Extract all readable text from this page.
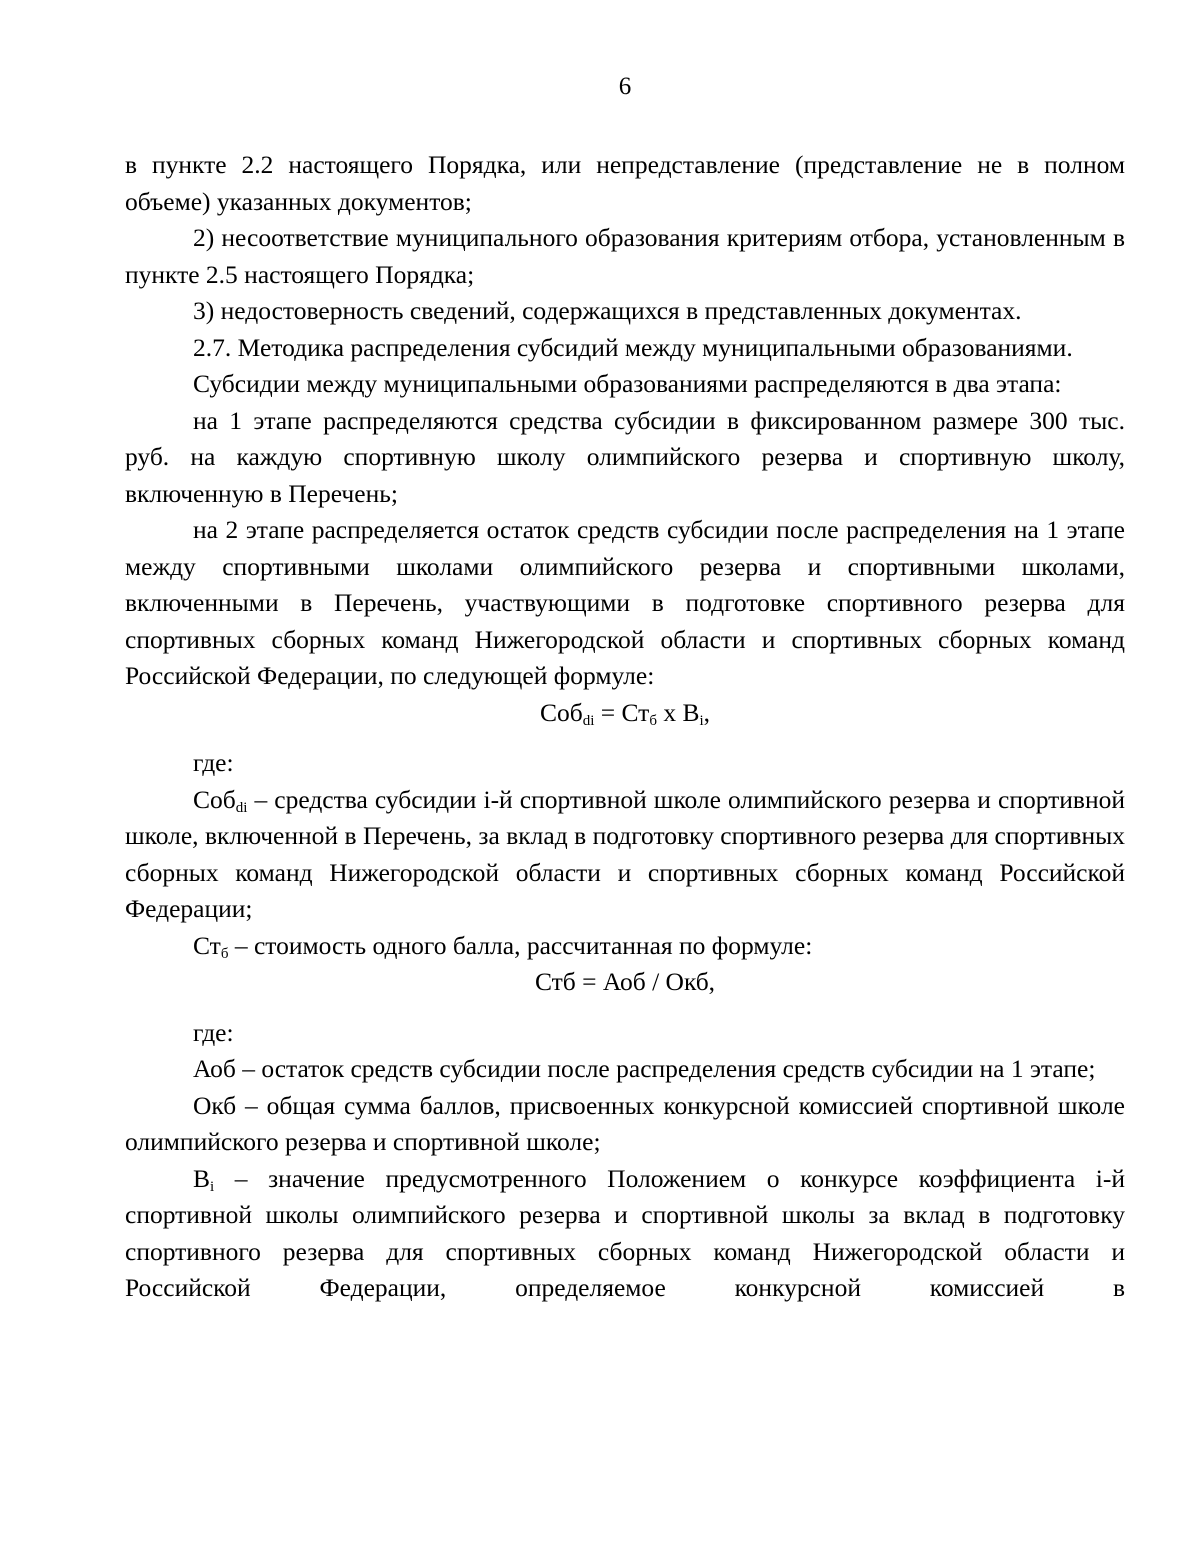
6

в пункте 2.2 настоящего Порядка, или непредставление (представление не в полном объеме) указанных документов;

2) несоответствие муниципального образования критериям отбора, установленным в пункте 2.5 настоящего Порядка;

3) недостоверность сведений, содержащихся в представленных документах.

2.7. Методика распределения субсидий между муниципальными образованиями.

Субсидии между муниципальными образованиями распределяются в два этапа:

на 1 этапе распределяются средства субсидии в фиксированном размере 300 тыс. руб. на каждую спортивную школу олимпийского резерва и спортивную школу, включенную в Перечень;

на 2 этапе распределяется остаток средств субсидии после распределения на 1 этапе между спортивными школами олимпийского резерва и спортивными школами, включенными в Перечень, участвующими в подготовке спортивного резерва для спортивных сборных команд Нижегородской области и спортивных сборных команд Российской Федерации, по следующей формуле:

$Соб_{di} = Ст_б$ х $В_i$,

где:

Соб$_{di}$ – средства субсидии i-й спортивной школе олимпийского резерва и спортивной школе, включенной в Перечень, за вклад в подготовку спортивного резерва для спортивных сборных команд Нижегородской области и спортивных сборных команд Российской Федерации;

$Ст_б$ – стоимость одного балла, рассчитанная по формуле:

Стб = Аоб / Окб,

где:

Аоб – остаток средств субсидии после распределения средств субсидии на 1 этапе;

Окб – общая сумма баллов, присвоенных конкурсной комиссией спортивной школе олимпийского резерва и спортивной школе;

$В_i$ – значение предусмотренного Положением о конкурсе коэффициента i-й спортивной школы олимпийского резерва и спортивной школы за вклад в подготовку спортивного резерва для спортивных сборных команд Нижегородской области и Российской Федерации, определяемое конкурсной комиссией в
